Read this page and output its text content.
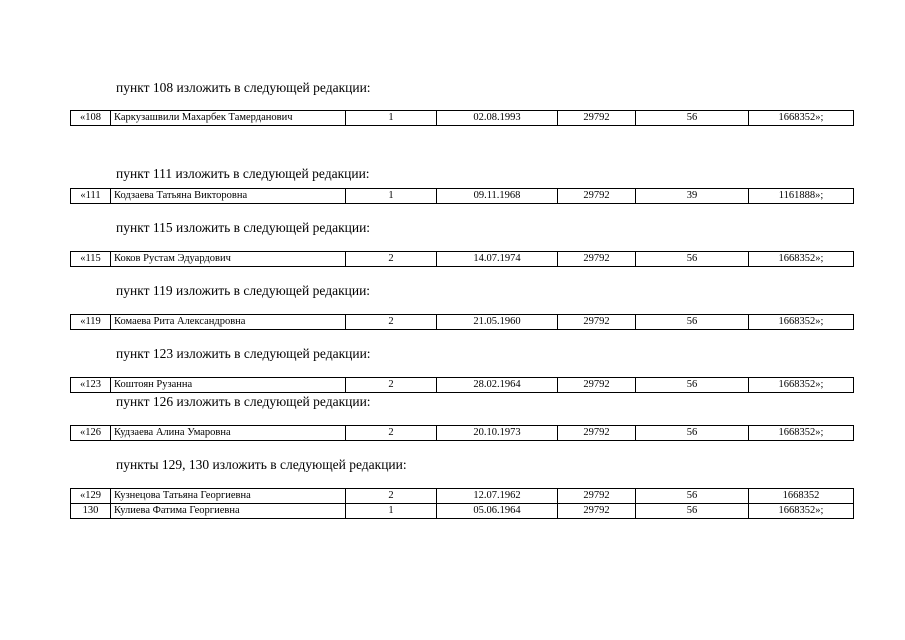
пункт 108 изложить в следующей редакции:
«108	Каркузашвили Махарбек Тамерданович	1	02.08.1993	29792	56	1668352»;
пункт 111 изложить в следующей редакции:
«111	Кодзаева Татьяна Викторовна	1	09.11.1968	29792	39	1161888»;
пункт 115 изложить в следующей редакции:
«115	Коков Рустам Эдуардович	2	14.07.1974	29792	56	1668352»;
пункт 119 изложить в следующей редакции:
«119	Комаева Рита Александровна	2	21.05.1960	29792	56	1668352»;
пункт 123 изложить в следующей редакции:
«123	Коштоян Рузанна	2	28.02.1964	29792	56	1668352»;
пункт 126 изложить в следующей редакции:
«126	Кудзаева Алина Умаровна	2	20.10.1973	29792	56	1668352»;
пункты 129, 130 изложить в следующей редакции:
«129	Кузнецова Татьяна Георгиевна	2	12.07.1962	29792	56	1668352
130	Кулиева Фатима Георгиевна	1	05.06.1964	29792	56	1668352»;
